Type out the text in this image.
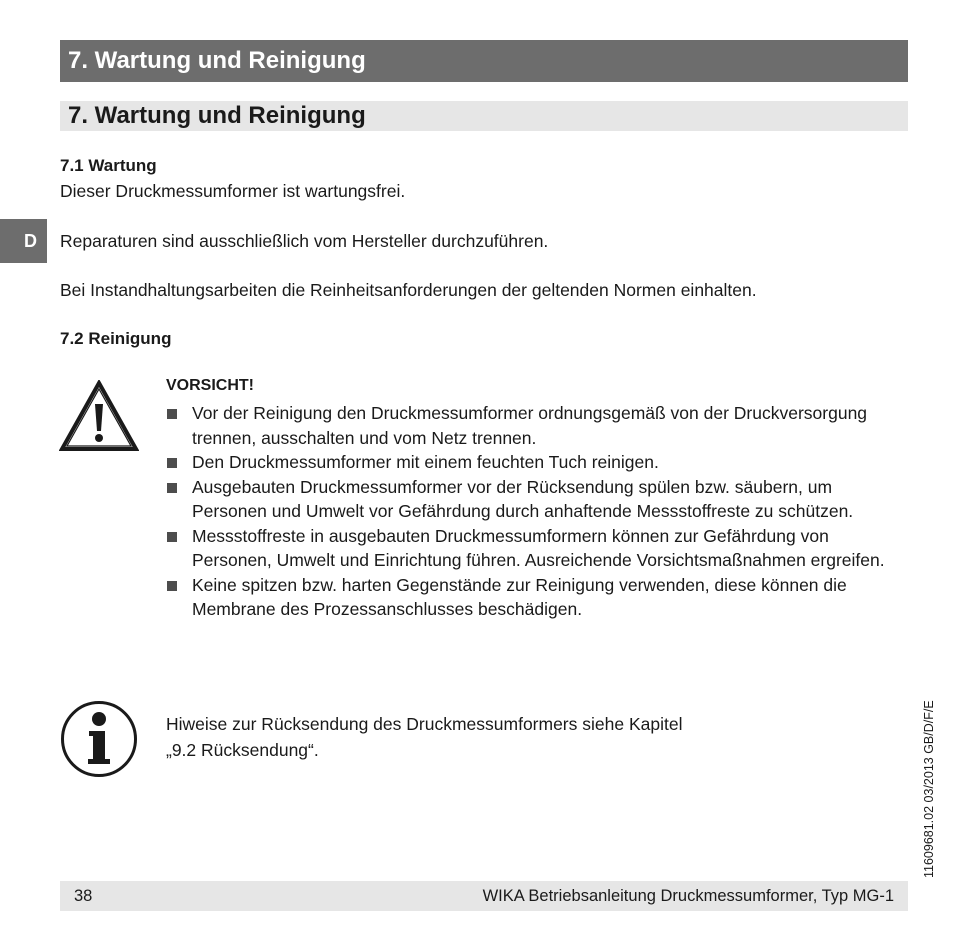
7. Wartung und Reinigung
7. Wartung und Reinigung
D
7.1 Wartung
Dieser Druckmessumformer ist wartungsfrei.
Reparaturen sind ausschließlich vom Hersteller durchzuführen.
Bei Instandhaltungsarbeiten die Reinheitsanforderungen der geltenden Normen einhalten.
7.2 Reinigung
VORSICHT!
Vor der Reinigung den Druckmessumformer ordnungsgemäß von der Druckversorgung trennen, ausschalten und vom Netz trennen.
Den Druckmessumformer mit einem feuchten Tuch reinigen.
Ausgebauten Druckmessumformer vor der Rücksendung spülen bzw. säubern, um Personen und Umwelt vor Gefährdung durch anhaftende Messstoffreste zu schützen.
Messstoffreste in ausgebauten Druckmessumformern können zur Gefährdung von Personen, Umwelt und Einrichtung führen. Ausreichende Vorsichtsmaßnahmen ergreifen.
Keine spitzen bzw. harten Gegenstände zur Reinigung verwenden, diese können die Membrane des Prozessanschlusses beschädigen.
Hiweise zur Rücksendung des Druckmessumformers siehe Kapitel
„9.2 Rücksendung“.	11609681.02 03/2013 GB/D/F/E
38	WIKA Betriebsanleitung Druckmessumformer, Typ MG-1
